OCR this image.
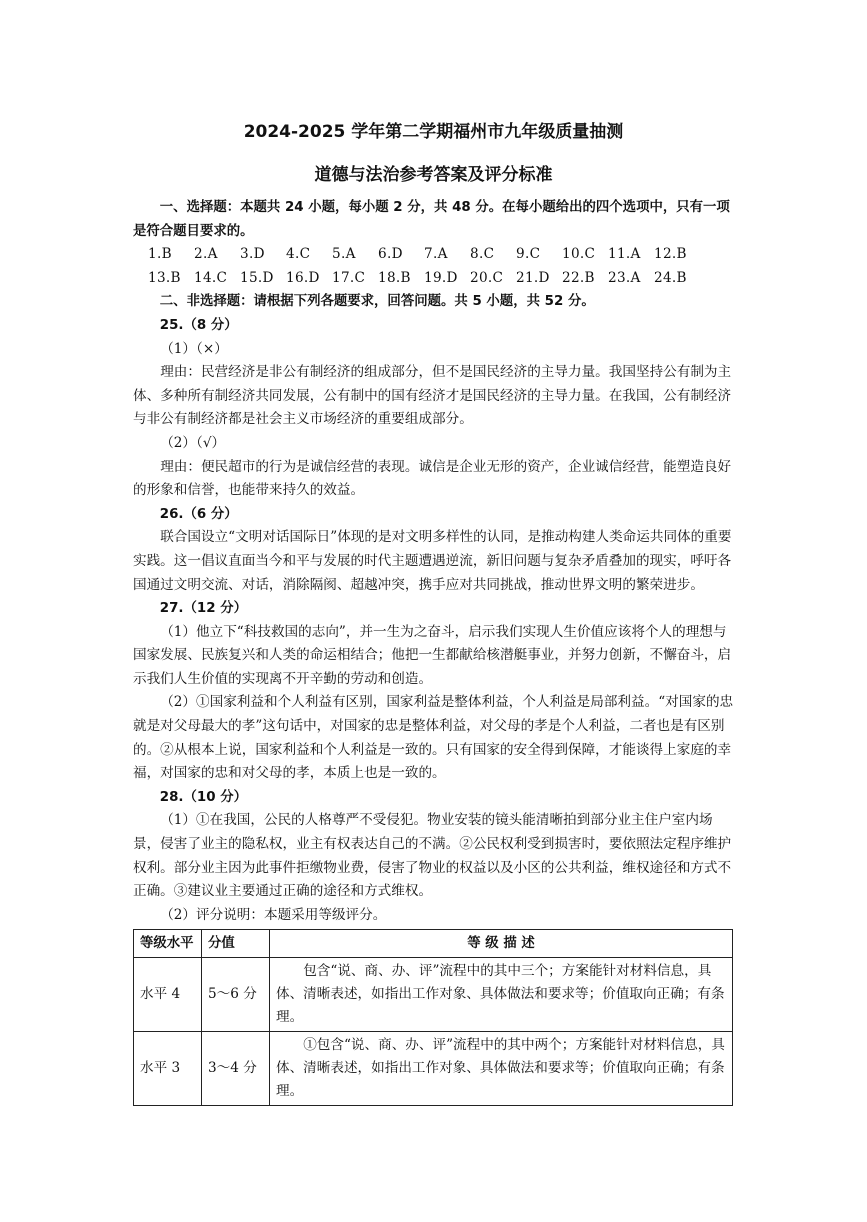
2024-2025 学年第二学期福州市九年级质量抽测
道德与法治参考答案及评分标准

一、选择题：本题共 24 小题，每小题 2 分，共 48 分。在每小题给出的四个选项中，只有一项是符合题目要求的。

1.B 2.A 3.D 4.C 5.A 6.D 7.A 8.C 9.C 10.C 11.A 12.B

13.B 14.C 15.D 16.D 17.C 18.B 19.D 20.C 21.D 22.B 23.A 24.B

二、非选择题：请根据下列各题要求，回答问题。共 5 小题，共 52 分。

25.（8 分）

（1）（×）

理由：民营经济是非公有制经济的组成部分，但不是国民经济的主导力量。我国坚持公有制为主体、多种所有制经济共同发展，公有制中的国有经济才是国民经济的主导力量。在我国，公有制经济与非公有制经济都是社会主义市场经济的重要组成部分。

（2）（√）

理由：便民超市的行为是诚信经营的表现。诚信是企业无形的资产，企业诚信经营，能塑造良好的形象和信誉，也能带来持久的效益。

26.（6 分）

联合国设立“文明对话国际日”体现的是对文明多样性的认同，是推动构建人类命运共同体的重要实践。这一倡议直面当今和平与发展的时代主题遭遇逆流，新旧问题与复杂矛盾叠加的现实，呼吁各国通过文明交流、对话，消除隔阂、超越冲突，携手应对共同挑战，推动世界文明的繁荣进步。

27.（12 分）

（1）他立下“科技救国的志向”，并一生为之奋斗，启示我们实现人生价值应该将个人的理想与国家发展、民族复兴和人类的命运相结合；他把一生都献给核潜艇事业，并努力创新，不懈奋斗，启示我们人生价值的实现离不开辛勤的劳动和创造。

（2）①国家利益和个人利益有区别，国家利益是整体利益，个人利益是局部利益。“对国家的忠就是对父母最大的孝”这句话中，对国家的忠是整体利益，对父母的孝是个人利益，二者也是有区别的。②从根本上说，国家利益和个人利益是一致的。只有国家的安全得到保障，才能谈得上家庭的幸福，对国家的忠和对父母的孝，本质上也是一致的。

28.（10 分）

（1）①在我国，公民的人格尊严不受侵犯。物业安装的镜头能清晰拍到部分业主住户室内场景，侵害了业主的隐私权，业主有权表达自己的不满。②公民权利受到损害时，要依照法定程序维护权利。部分业主因为此事件拒缴物业费，侵害了物业的权益以及小区的公共利益，维权途径和方式不正确。③建议业主要通过正确的途径和方式维权。

（2）评分说明：本题采用等级评分。

等级水平	分值	等 级 描 述
水平 4	5～6 分	包含“说、商、办、评”流程中的其中三个；方案能针对材料信息，具体、清晰表述，如指出工作对象、具体做法和要求等；价值取向正确；有条理。
水平 3	3～4 分	①包含“说、商、办、评”流程中的其中两个；方案能针对材料信息，具体、清晰表述，如指出工作对象、具体做法和要求等；价值取向正确；有条理。
